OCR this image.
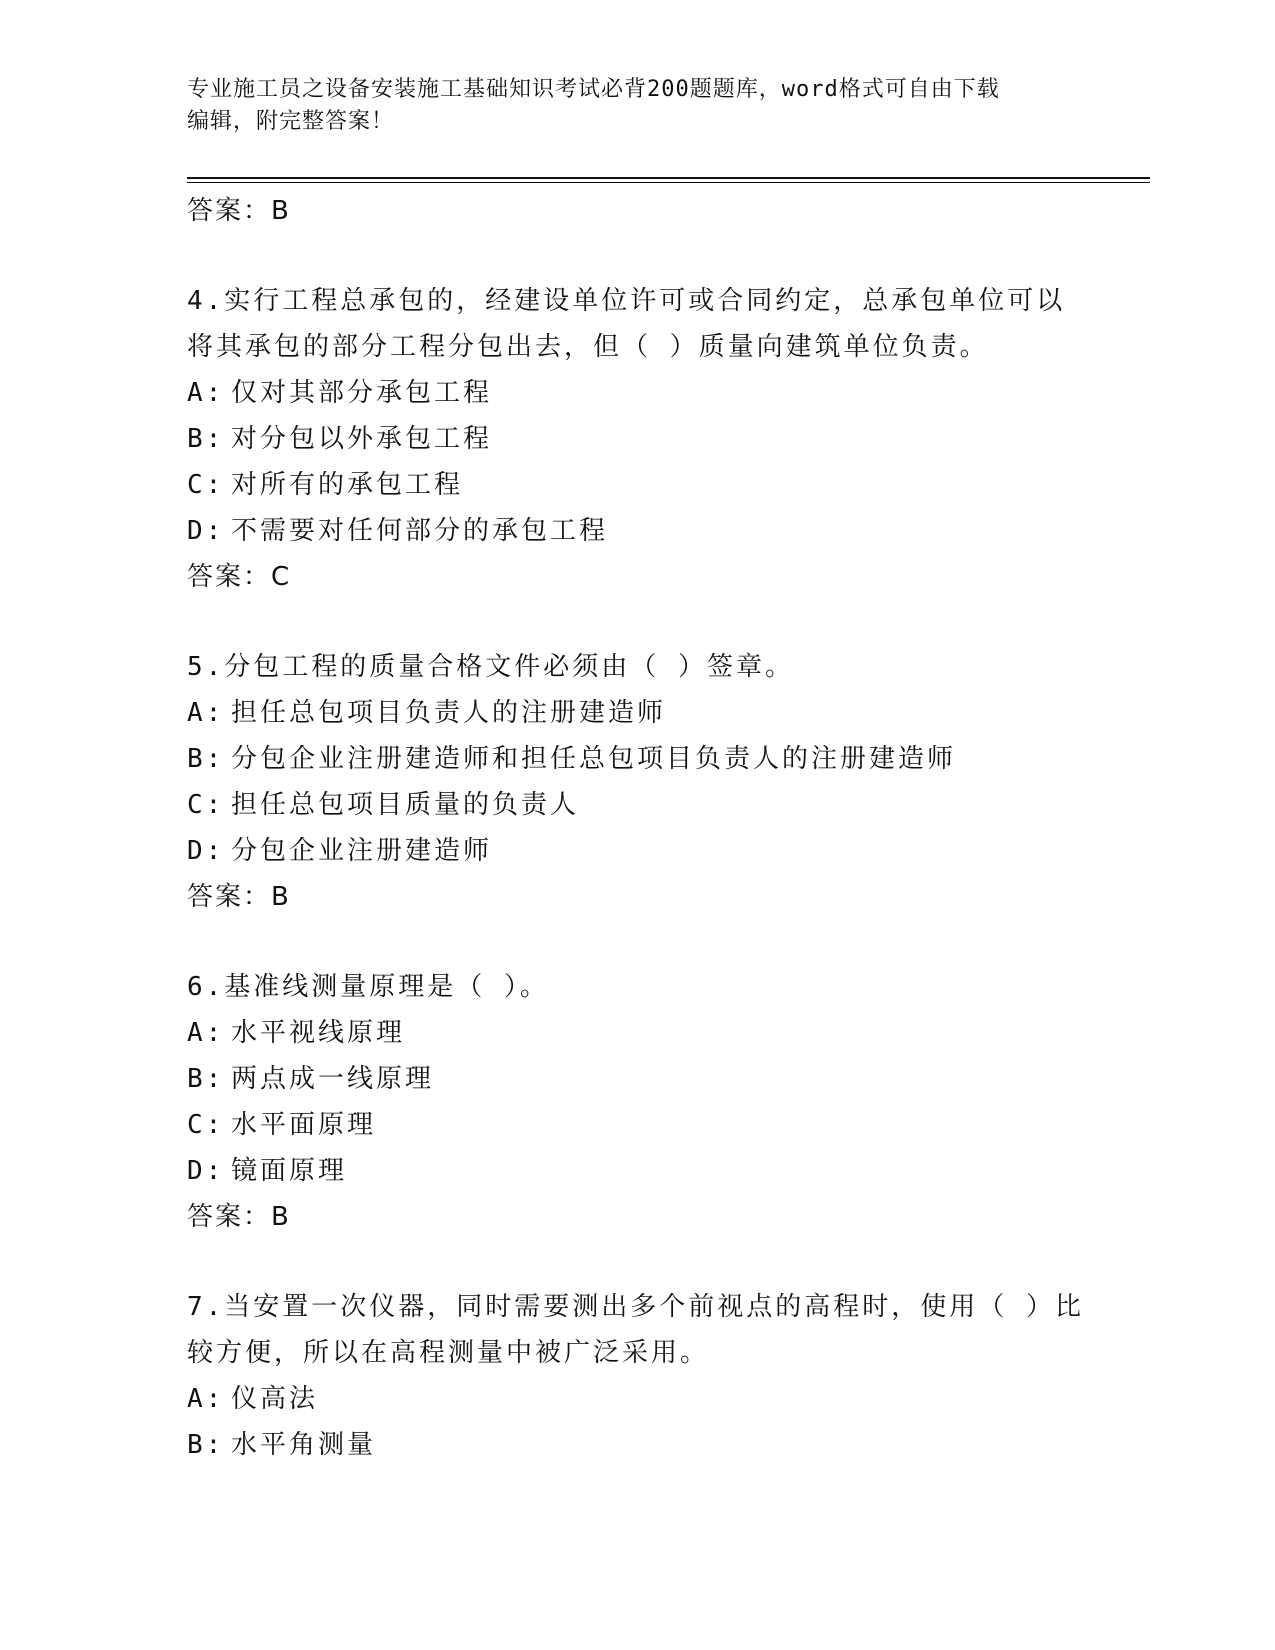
专业施工员之设备安装施工基础知识考试必背200题题库，word格式可自由下载
编辑，附完整答案！
答案：B
4.实行工程总承包的，经建设单位许可或合同约定，总承包单位可以
将其承包的部分工程分包出去，但（ ）质量向建筑单位负责。
A: 仅对其部分承包工程
B: 对分包以外承包工程
C: 对所有的承包工程
D: 不需要对任何部分的承包工程
答案：C
5.分包工程的质量合格文件必须由（ ）签章。
A: 担任总包项目负责人的注册建造师
B: 分包企业注册建造师和担任总包项目负责人的注册建造师
C: 担任总包项目质量的负责人
D: 分包企业注册建造师
答案：B
6.基准线测量原理是（ ）。
A: 水平视线原理
B: 两点成一线原理
C: 水平面原理
D: 镜面原理
答案：B
7.当安置一次仪器，同时需要测出多个前视点的高程时，使用（ ）比
较方便，所以在高程测量中被广泛采用。
A: 仪高法
B: 水平角测量
